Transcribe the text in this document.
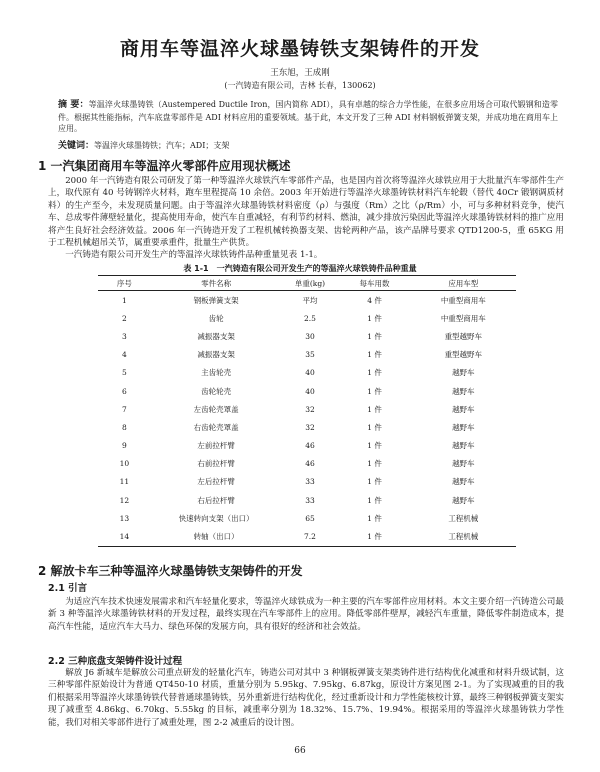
商用车等温淬火球墨铸铁支架铸件的开发
王东旭，王成刚
(一汽铸造有限公司，吉林 长春，130062)
摘 要：等温淬火球墨铸铁（Austempered Ductile Iron，国内简称 ADI），具有卓越的综合力学性能，在很多应用场合可取代锻钢和造零件。根据其性能指标，汽车底盘零部件是 ADI 材料应用的重要领域。基于此，本文开发了三种 ADI 材料钢板弹簧支架，并成功地在商用车上应用。
关键词：等温淬火球墨铸铁；汽车；ADI；支架
1 一汽集团商用车等温淬火零部件应用现状概述
2000 年一汽铸造有限公司研发了第一种等温淬火球铁汽车零部件产品，也是国内首次将等温淬火球铁应用于大批量汽车零部件生产上，取代原有 40 号铸钢淬火材料，跑车里程提高 10 余倍。2003 年开始进行等温淬火球墨铸铁材料汽车轮毂（替代 40Cr 锻钢调质材料）的生产至今，未发现质量问题。由于等温淬火球墨铸铁材料密度（ρ）与强度（Rm）之比（ρ/Rm）小，可与多种材料竞争，使汽车、总成零件薄壁轻量化，提高使用寿命，使汽车自重减轻，有利节约材料、燃油，减少排放污染因此等温淬火球墨铸铁材料的推广应用将产生良好社会经济效益。2006 年一汽铸造开发了工程机械转换器支架、齿轮两种产品，该产品牌号要求 QTD1200-5，重 65KG 用于工程机械超吊关节，属重要承重件，批量生产供货。
一汽铸造有限公司开发生产的等温淬火球铁铸件品种重量见表 1-1。
表 1-1　一汽铸造有限公司开发生产的等温淬火球铁铸件品种重量
序号	零件名称	单重(kg)	每车用数	应用车型
1	钢板弹簧支架	平均	4 件	中重型商用车
2	齿轮	2.5	1 件	中重型商用车
3	减振器支架	30	1 件	重型越野车
4	减振器支架	35	1 件	重型越野车
5	主齿轮壳	40	1 件	越野车
6	齿轮轮壳	40	1 件	越野车
7	左齿轮壳罩盖	32	1 件	越野车
8	右齿轮壳罩盖	32	1 件	越野车
9	左前拉杆臂	46	1 件	越野车
10	右前拉杆臂	46	1 件	越野车
11	左后拉杆臂	33	1 件	越野车
12	右后拉杆臂	33	1 件	越野车
13	快速转向支架（出口）	65	1 件	工程机械
14	转轴（出口）	7.2	1 件	工程机械
2 解放卡车三种等温淬火球墨铸铁支架铸件的开发
2.1 引言
为适应汽车技术快速发展需求和汽车轻量化要求，等温淬火球铁成为一种主要的汽车零部件应用材料。本文主要介绍一汽铸造公司最新 3 种等温淬火球墨铸铁材料的开发过程，最终实现在汽车零部件上的应用。降低零部件壁厚，减轻汽车重量，降低零件制造成本，提高汽车性能，适应汽车大马力、绿色环保的发展方向，具有很好的经济和社会效益。
2.2 三种底盘支架铸件设计过程
解放 J6 新城车是解放公司重点研发的轻量化汽车，铸造公司对其中 3 种钢板弹簧支架类铸件进行结构优化减重和材料升级试制，这三种零部件原始设计为普通 QT450-10 材质，重量分别为 5.95kg、7.95kg、6.87kg，原设计方案见图 2-1。为了实现减重的目的我们根据采用等温淬火球墨铸铁代替普通球墨铸铁，另外重新进行结构优化，经过重新设计和力学性能核校计算，最终三种钢板弹簧支架实现了减重至 4.86kg、6.70kg、5.55kg 的目标，减重率分别为 18.32%、15.7%、19.94%。根据采用的等温淬火球墨铸铁力学性能，我们对相关零部件进行了减重处理，图 2-2 减重后的设计图。
66
